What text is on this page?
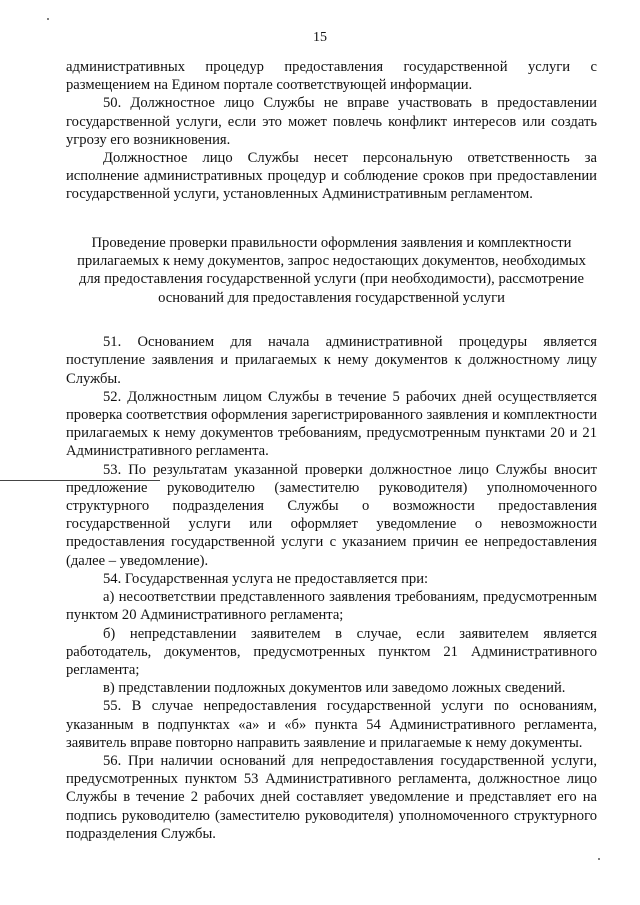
15

административных процедур предоставления государственной услуги с размещением на Едином портале соответствующей информации.

50. Должностное лицо Службы не вправе участвовать в предоставлении государственной услуги, если это может повлечь конфликт интересов или создать угрозу его возникновения.

Должностное лицо Службы несет персональную ответственность за исполнение административных процедур и соблюдение сроков при предоставлении государственной услуги, установленных Административным регламентом.

Проведение проверки правильности оформления заявления и комплектности прилагаемых к нему документов, запрос недостающих документов, необходимых для предоставления государственной услуги (при необходимости), рассмотрение оснований для предоставления государственной услуги

51. Основанием для начала административной процедуры является поступление заявления и прилагаемых к нему документов к должностному лицу Службы.

52. Должностным лицом Службы в течение 5 рабочих дней осуществляется проверка соответствия оформления зарегистрированного заявления и комплектности прилагаемых к нему документов требованиям, предусмотренным пунктами 20 и 21 Административного регламента.

53. По результатам указанной проверки должностное лицо Службы вносит предложение руководителю (заместителю руководителя) уполномоченного структурного подразделения Службы о возможности предоставления государственной услуги или оформляет уведомление о невозможности предоставления государственной услуги с указанием причин ее непредоставления (далее – уведомление).

54. Государственная услуга не предоставляется при:

а) несоответствии представленного заявления требованиям, предусмотренным пунктом 20 Административного регламента;

б) непредставлении заявителем в случае, если заявителем является работодатель, документов, предусмотренных пунктом 21 Административного регламента;

в) представлении подложных документов или заведомо ложных сведений.

55. В случае непредоставления государственной услуги по основаниям, указанным в подпунктах «а» и «б» пункта 54 Административного регламента, заявитель вправе повторно направить заявление и прилагаемые к нему документы.

56. При наличии оснований для непредоставления государственной услуги, предусмотренных пунктом 53 Административного регламента, должностное лицо Службы в течение 2 рабочих дней составляет уведомление и представляет его на подпись руководителю (заместителю руководителя) уполномоченного структурного подразделения Службы.
